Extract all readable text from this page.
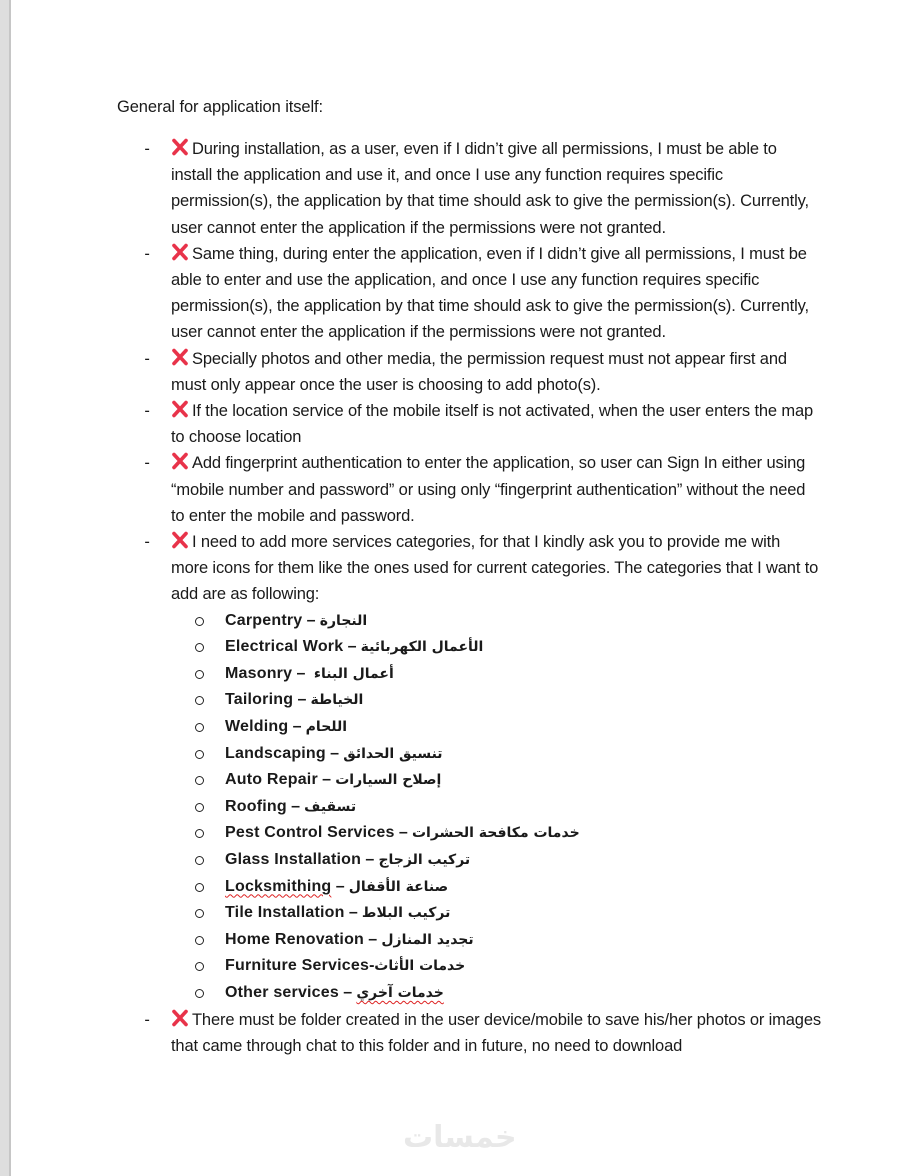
General for application itself:
-	During installation, as a user, even if I didn’t give all permissions, I must be able to install the application and use it, and once I use any function requires specific permission(s), the application by that time should ask to give the permission(s). Currently, user cannot enter the application if the permissions were not granted.
-	Same thing, during enter the application, even if I didn’t give all permissions, I must be able to enter and use the application, and once I use any function requires specific permission(s), the application by that time should ask to give the permission(s). Currently, user cannot enter the application if the permissions were not granted.
-	Specially photos and other media, the permission request must not appear first and must only appear once the user is choosing to add photo(s).
-	If the location service of the mobile itself is not activated, when the user enters the map to choose location
-	Add fingerprint authentication to enter the application, so user can Sign In either using “mobile number and password” or using only “fingerprint authentication” without the need to enter the mobile and password.
-	I need to add more services categories, for that I kindly ask you to provide me with more icons for them like the ones used for current categories. The categories that I want to add are as following:
Carpentry – النجارة
Electrical Work – الأعمال الكهربائية
Masonry –  أعمال البناء
Tailoring – الخياطة
Welding – اللحام
Landscaping – تنسيق الحدائق
Auto Repair – إصلاح السيارات
Roofing – تسقيف
Pest Control Services – خدمات مكافحة الحشرات
Glass Installation – تركيب الزجاج
Locksmithing – صناعة الأقفال
Tile Installation – تركيب البلاط
Home Renovation – تجديد المنازل
Furniture Services-خدمات الأثاث
Other services – خدمات آخري
-	There must be folder created in the user device/mobile to save his/her photos or images that came through chat to this folder and in future, no need to download
خمسات
